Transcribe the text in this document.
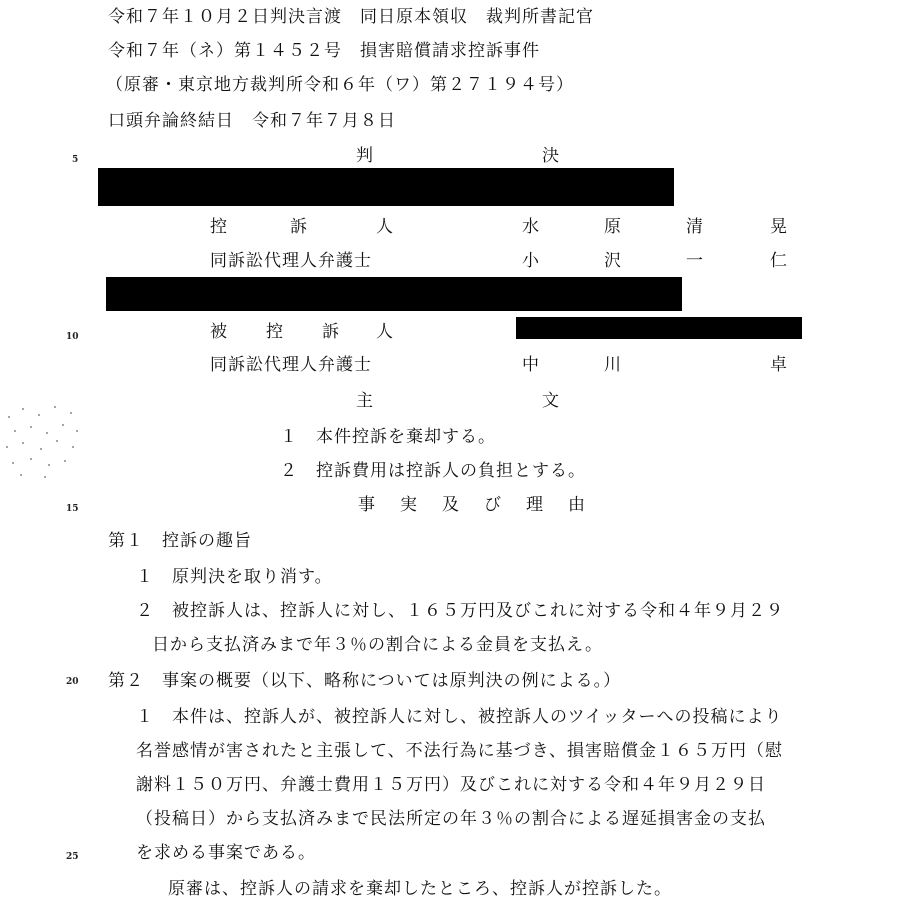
令和７年１０月２日判決言渡　同日原本領収　裁判所書記官
令和７年（ネ）第１４５２号　損害賠償請求控訴事件
（原審・東京地方裁判所令和６年（ワ）第２７１９４号）
口頭弁論終結日　令和７年７月８日
5
10
15
20
25
判	決
控	訴	人	水	原	清	晃
同訴訟代理人弁護士	小	沢	一	仁
被 控 訴 人
同訴訟代理人弁護士	中	川	卓
主	文
１　本件控訴を棄却する。
２　控訴費用は控訴人の負担とする。
事　実　及　び　理　由
第１　控訴の趣旨
１　原判決を取り消す。
２　被控訴人は、控訴人に対し、１６５万円及びこれに対する令和４年９月２９
日から支払済みまで年３％の割合による金員を支払え。
第２　事案の概要（以下、略称については原判決の例による。）
１　本件は、控訴人が、被控訴人に対し、被控訴人のツイッターへの投稿により
名誉感情が害されたと主張して、不法行為に基づき、損害賠償金１６５万円（慰
謝料１５０万円、弁護士費用１５万円）及びこれに対する令和４年９月２９日
（投稿日）から支払済みまで民法所定の年３％の割合による遅延損害金の支払
を求める事案である。
原審は、控訴人の請求を棄却したところ、控訴人が控訴した。
